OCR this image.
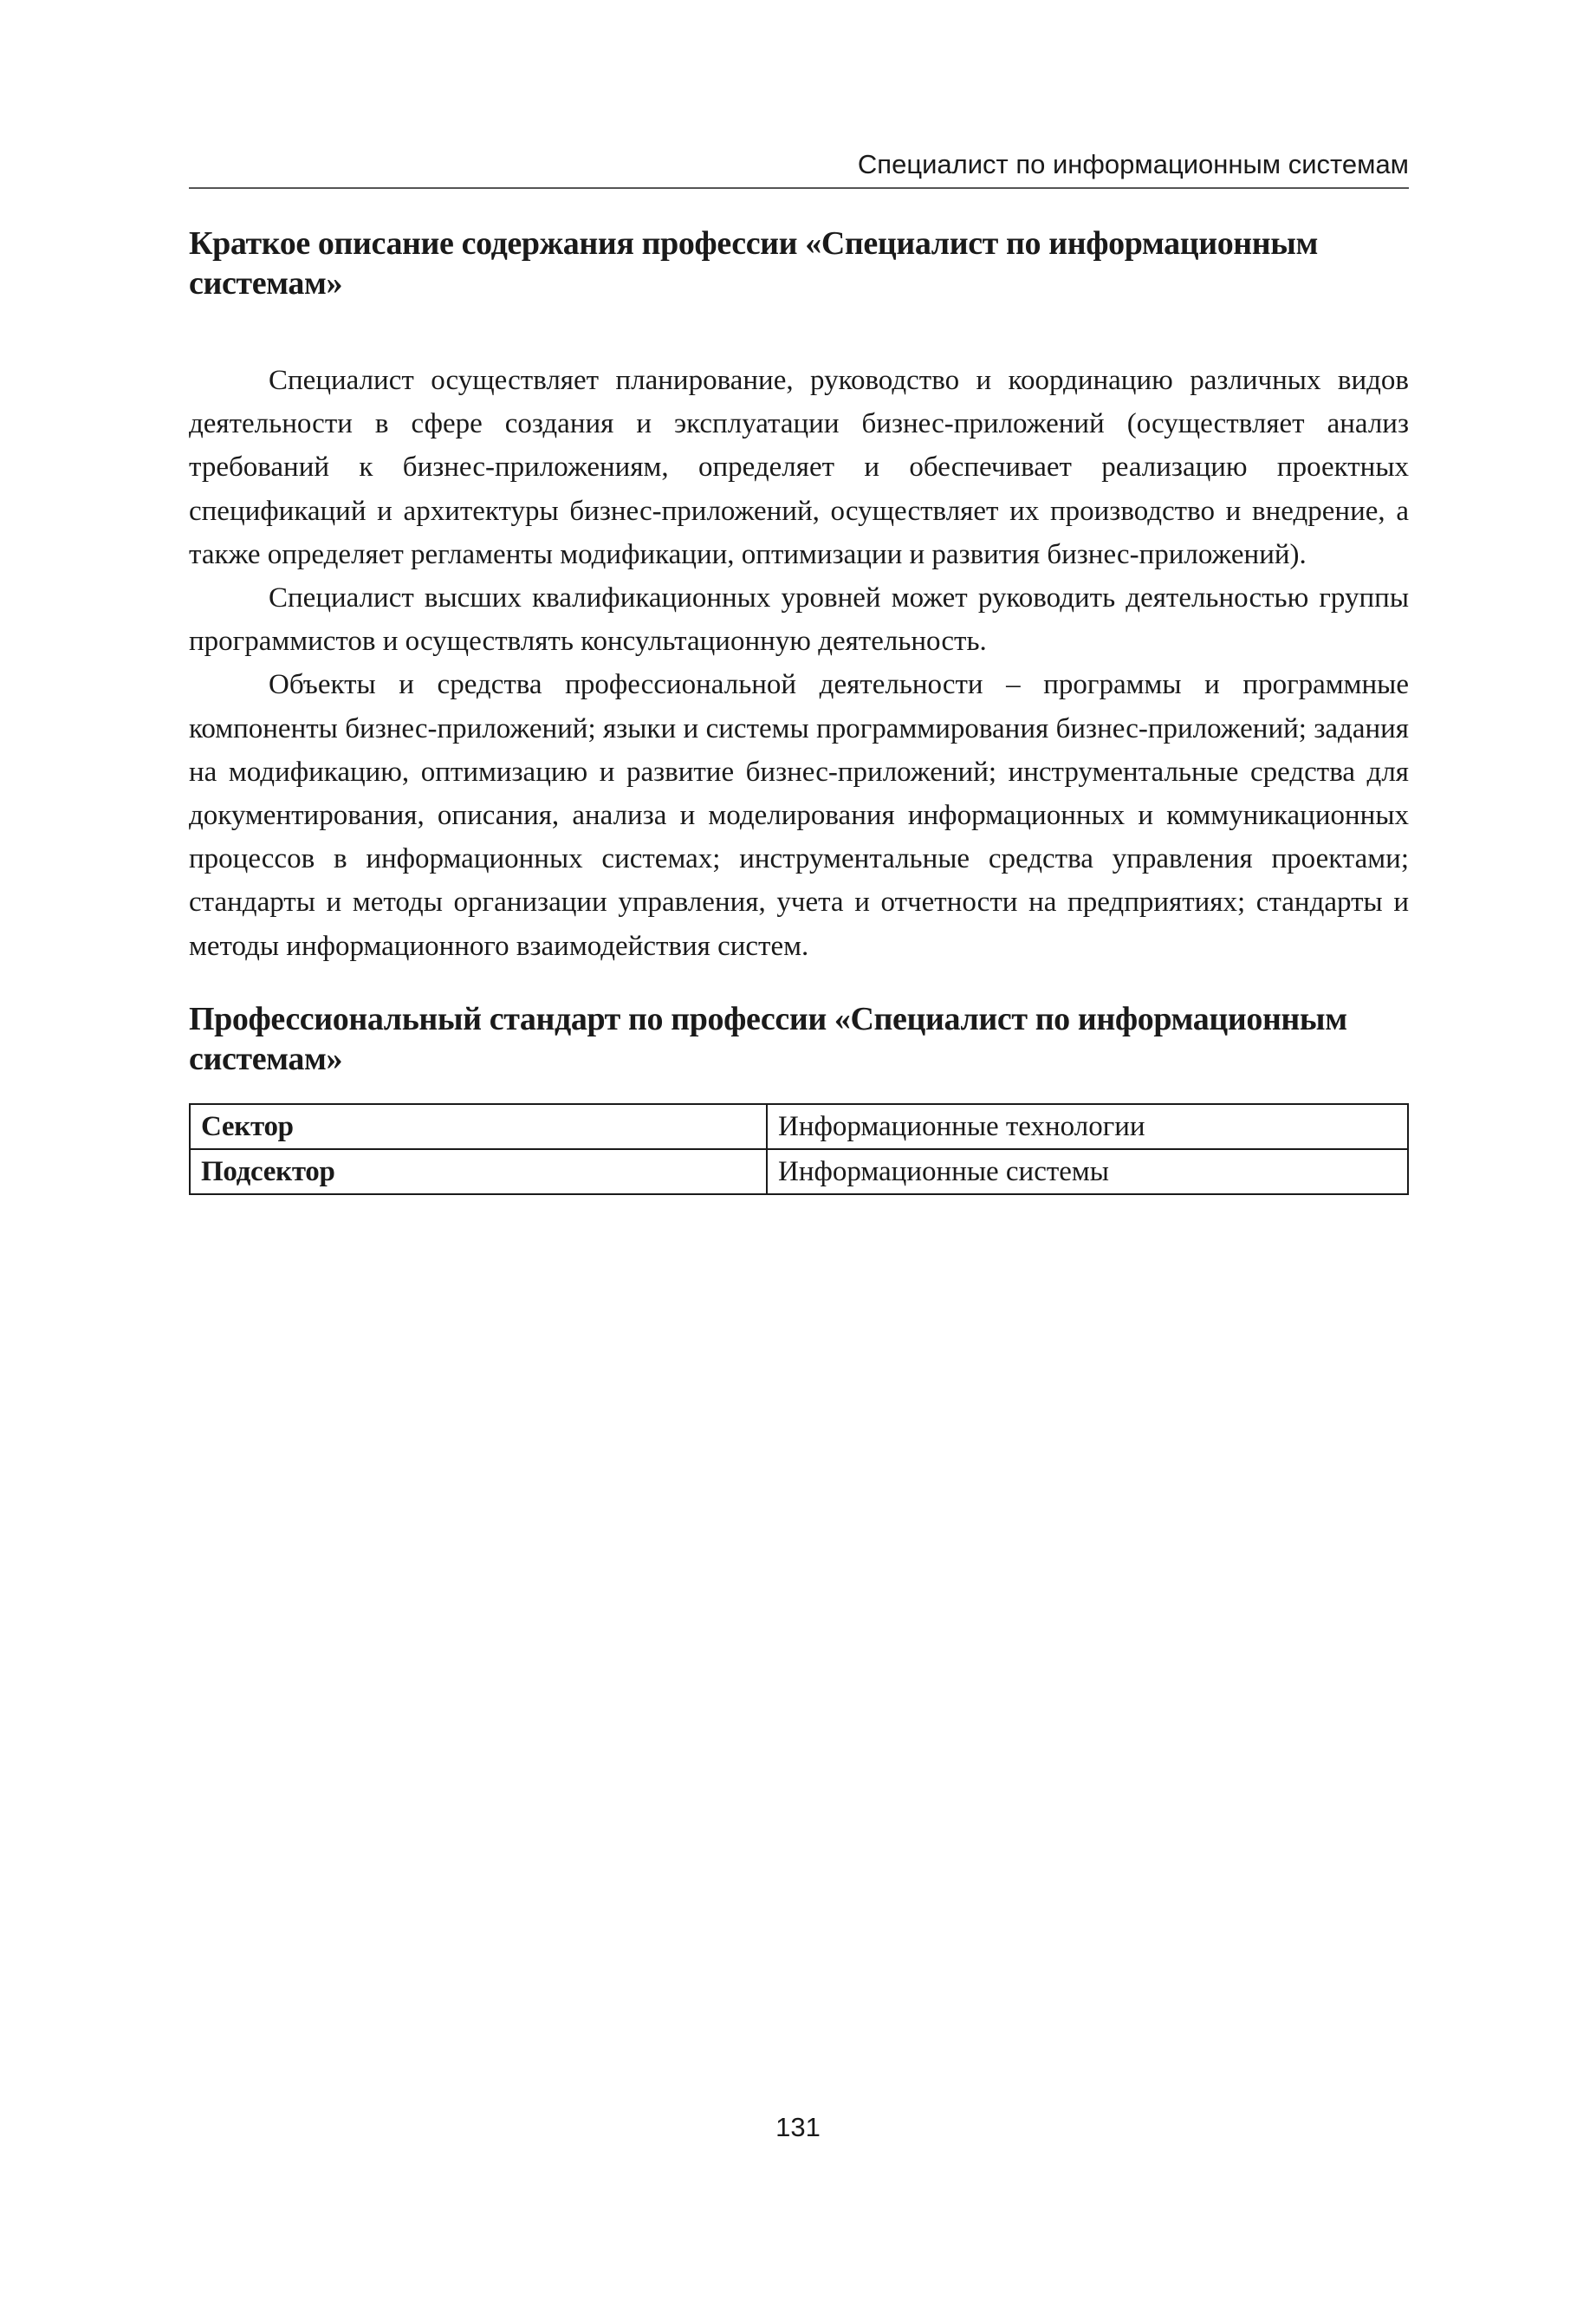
Специалист по информационным системам
Краткое описание содержания профессии «Специалист по информационным системам»

Специалист осуществляет планирование, руководство и координацию различных видов деятельности в сфере создания и эксплуатации бизнес-приложений (осуществляет анализ требований к бизнес-приложениям, определяет и обеспечивает реализацию проектных спецификаций и архитектуры бизнес-приложений, осуществляет их производство и внедрение, а также определяет регламенты модификации, оптимизации и развития бизнес-приложений).

Специалист высших квалификационных уровней может руководить деятельностью группы программистов и осуществлять консультационную деятельность.

Объекты и средства профессиональной деятельности – программы и программные компоненты бизнес-приложений; языки и системы программирования бизнес-приложений; задания на модификацию, оптимизацию и развитие бизнес-приложений; инструментальные средства для документирования, описания, анализа и моделирования информационных и коммуникационных процессов в информационных системах; инструментальные средства управления проектами; стандарты и методы организации управления, учета и отчетности на предприятиях; стандарты и методы информационного взаимодействия систем.

Профессиональный стандарт по профессии «Специалист по информационным системам»
Сектор	Информационные технологии
Подсектор	Информационные системы
131
